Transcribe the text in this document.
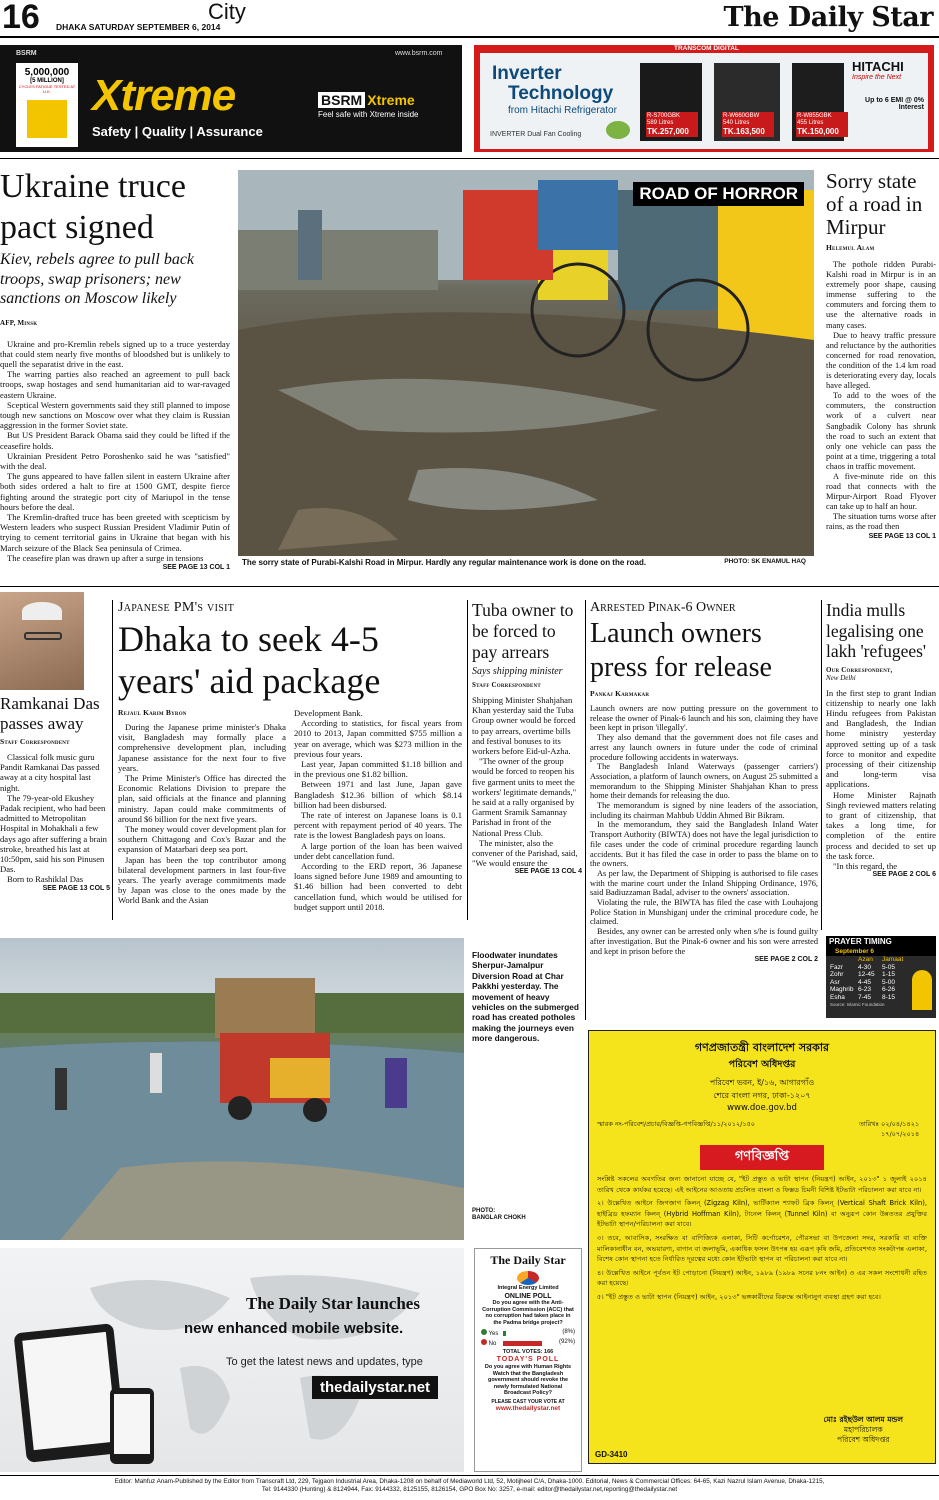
16 DHAKA SATURDAY SEPTEMBER 6, 2014
City	The Daily Star
BSRM	www.bsrm.com
5,000,000
[5 MILLION]
CYCLES FATIGUE TESTED AT U.K. Xtreme
Safety | Quality | Assurance
BSRM Xtreme
Feel safe with Xtreme inside
TRANSCOM DIGITAL
Inverter
Technology
from Hitachi Refrigerator
INVERTER Dual Fan Cooling
R-S700GBK
589 Litres
TK.257,000
R-W660GBW
540 Litres
TK.163,500
R-W855GBK
455 Litres
TK.150,000
HITACHI
Inspire the Next
Up to 6 EMI @ 0% Interest
Ukraine truce pact signed
Kiev, rebels agree to pull back troops, swap prisoners; new sanctions on Moscow likely
AFP, Minsk

Ukraine and pro-Kremlin rebels signed up to a truce yesterday that could stem nearly five months of bloodshed but is unlikely to quell the separatist drive in the east.

The warring parties also reached an agreement to pull back troops, swap hostages and send humanitarian aid to war-ravaged eastern Ukraine.

Sceptical Western governments said they still planned to impose tough new sanctions on Moscow over what they claim is Russian aggression in the former Soviet state.

But US President Barack Obama said they could be lifted if the ceasefire holds.

Ukrainian President Petro Poroshenko said he was "satisfied" with the deal.

The guns appeared to have fallen silent in eastern Ukraine after both sides ordered a halt to fire at 1500 GMT, despite fierce fighting around the strategic port city of Mariupol in the tense hours before the deal.

The Kremlin-drafted truce has been greeted with scepticism by Western leaders who suspect Russian President Vladimir Putin of trying to cement territorial gains in Ukraine that began with his March seizure of the Black Sea peninsula of Crimea.

The ceasefire plan was drawn up after a surge in tensions

SEE PAGE 13 COL 1
ROAD OF HORROR
The sorry state of Purabi-Kalshi Road in Mirpur. Hardly any regular maintenance work is done on the road.	PHOTO: SK ENAMUL HAQ
Sorry state of a road in Mirpur
Helemul Alam

The pothole ridden Purabi-Kalshi road in Mirpur is in an extremely poor shape, causing immense suffering to the commuters and forcing them to use the alternative roads in many cases.

Due to heavy traffic pressure and reluctance by the authorities concerned for road renovation, the condition of the 1.4 km road is deteriorating every day, locals have alleged.

To add to the woes of the commuters, the construction work of a culvert near Sangbadik Colony has shrunk the road to such an extent that only one vehicle can pass the point at a time, triggering a total chaos in traffic movement.

A five-minute ride on this road that connects with the Mirpur-Airport Road Flyover can take up to half an hour.

The situation turns worse after rains, as the road then

SEE PAGE 13 COL 1
Ramkanai Das passes away
Staff Correspondent

Classical folk music guru Pandit Ramkanai Das passed away at a city hospital last night.

The 79-year-old Ekushey Padak recipient, who had been admitted to Metropolitan Hospital in Mohakhali a few days ago after suffering a brain stroke, breathed his last at 10:50pm, said his son Pinusen Das.

Born to Rashiklal Das

SEE PAGE 13 COL 5
Japanese PM's visit
Dhaka to seek 4-5 years' aid package
Rejaul Karim Byron

During the Japanese prime minister's Dhaka visit, Bangladesh may formally place a comprehensive development plan, including Japanese assistance for the next four to five years.

The Prime Minister's Office has directed the Economic Relations Division to prepare the plan, said officials at the finance and planning ministry. Japan could make commitments of around $6 billion for the next five years.

The money would cover development plan for southern Chittagong and Cox's Bazar and the expansion of Matarbari deep sea port.

Japan has been the top contributor among bilateral development partners in last four-five years. The yearly average commitments made by Japan was close to the ones made by the World Bank and the Asian

Development Bank.

According to statistics, for fiscal years from 2010 to 2013, Japan committed $755 million a year on average, which was $273 million in the previous four years.

Last year, Japan committed $1.18 billion and in the previous one $1.82 billion.

Between 1971 and last June, Japan gave Bangladesh $12.36 billion of which $8.14 billion had been disbursed.

The rate of interest on Japanese loans is 0.1 percent with repayment period of 40 years. The rate is the lowest Bangladesh pays on loans.

A large portion of the loan has been waived under debt cancellation fund.

According to the ERD report, 36 Japanese loans signed before June 1989 and amounting to $1.46 billion had been converted to debt cancellation fund, which would be utilised for budget support until 2018.

Tuba owner to be forced to pay arrears
Says shipping minister
Staff Correspondent

Shipping Minister Shahjahan Khan yesterday said the Tuba Group owner would be forced to pay arrears, overtime bills and festival bonuses to its workers before Eid-ul-Azha.

"The owner of the group would be forced to reopen his five garment units to meet the workers' legitimate demands," he said at a rally organised by Garment Sramik Samannay Parishad in front of the National Press Club.

The minister, also the convener of the Parishad, said, "We would ensure the

SEE PAGE 13 COL 4
Arrested Pinak-6 Owner
Launch owners press for release
Pankaj Karmakar

Launch owners are now putting pressure on the government to release the owner of Pinak-6 launch and his son, claiming they have been kept in prison 'illegally'.

They also demand that the government does not file cases and arrest any launch owners in future under the code of criminal procedure following accidents in waterways.

The Bangladesh Inland Waterways (passenger carriers') Association, a platform of launch owners, on August 25 submitted a memorandum to the Shipping Minister Shahjahan Khan to press home their demands for releasing the duo.

The memorandum is signed by nine leaders of the association, including its chairman Mahbub Uddin Ahmed Bir Bikram.

In the memorandum, they said the Bangladesh Inland Water Transport Authority (BIWTA) does not have the legal jurisdiction to file cases under the code of criminal procedure regarding launch accidents. But it has filed the case in order to pass the blame on to the owners.

As per law, the Department of Shipping is authorised to file cases with the marine court under the Inland Shipping Ordinance, 1976, said Badiuzzaman Badal, adviser to the owners' association.

Violating the rule, the BIWTA has filed the case with Louhajong Police Station in Munshiganj under the criminal procedure code, he claimed.

Besides, any owner can be arrested only when s/he is found guilty after investigation. But the Pinak-6 owner and his son were arrested and kept in prison before the

SEE PAGE 2 COL 2
India mulls legalising one lakh 'refugees'
Our Correspondent,
New Delhi

In the first step to grant Indian citizenship to nearly one lakh Hindu refugees from Pakistan and Bangladesh, the Indian home ministry yesterday approved setting up of a task force to monitor and expedite processing of their citizenship and long-term visa applications.

Home Minister Rajnath Singh reviewed matters relating to grant of citizenship, that takes a long time, for completion of the entire process and decided to set up the task force.

"In this regard, the

SEE PAGE 2 COL 6
PRAYER TIMING September 6
	Azan	Jamaat
Fazr	4-30	5-05
Zohr	12-45	1-15
Asr	4-45	5-00
Maghrib	6-23	6-26
Esha	7-45	8-15
Source: Islamic Foundation
Floodwater inundates Sherpur-Jamalpur Diversion Road at Char Pakkhi yesterday. The movement of heavy vehicles on the submerged road has created potholes making the journeys even more dangerous.
PHOTO:
BANGLAR CHOKH
The Daily Star launches
new enhanced mobile website.
To get the latest news and updates, type
thedailystar.net
The Daily Star
Integral Energy Limited
ONLINE POLL
Do you agree with the Anti-Corruption Commission (ACC) that no corruption had taken place in the Padma bridge project?
Yes	(8%)
No	(92%)
TOTAL VOTES: 166
TODAY'S POLL
Do you agree with Human Rights Watch that the Bangladesh government should revoke the newly formulated National Broadcast Policy?
PLEASE CAST YOUR VOTE AT
www.thedailystar.net
গণপ্রজাতন্ত্রী বাংলাদেশ সরকার
পরিবেশ অধিদপ্তর
পরিবেশ ভবন, ই/১৬, আগারগাঁও
শেরে বাংলা নগর, ঢাকা-১২০৭
www.doe.gov.bd
স্মারক নং-পরিবেশ/প্রচার/বিজ্ঞপ্তি-গণবিজ্ঞপ্তি/১১/২০১২/১৫০	তারিখঃ ০২/০৪/১৪২১
১৭/০৭/২০১৪
গণবিজ্ঞপ্তি

সংশ্লিষ্ট সকলের অবগতির জন্য জানানো যাচ্ছে যে, "ইট প্রস্তুত ও ভাটা স্থাপন (নিয়ন্ত্রণ) আইন, ২০১৩" ১ জুলাই ২০১৪ তারিখ থেকে কার্যকর হয়েছে। এই আইনের আওতায় প্রচলিত বাংলা ও ফিক্সড চিমনী বিশিষ্ট ইটভাটা পরিচালনা করা যাবে না।

২। উল্লেখিত আইনে জিগজাগ কিলন্‌ (Zigzag Kiln), ভার্টিক্যাল শ্যাফট ব্রিক কিলন্‌ (Vertical Shaft Brick Kiln), হাইব্রিড হফম্যান কিলন্‌ (Hybrid Hoffman Kiln), টানেল কিলন্‌ (Tunnel Kiln) বা অনুরূপ কোন উন্নততর প্রযুক্তির ইটভাটা স্থাপন/পরিচালনা করা যাবে।

৩। তবে, আবাসিক, সংরক্ষিত বা বাণিজ্যিক এলাকা, সিটি কর্পোরেশন, পৌরসভা বা উপজেলা সদর, সরকারি বা ব্যক্তি মালিকানাধীন বন, অভয়ারণ্য, বাগান বা জলাভূমি, একাধিক ফসল উৎপন্ন হয় এরূপ কৃষি জমি, প্রতিবেশগত সংকটাপন্ন এলাকা, বিশেষ কোন স্থাপনা হতে নির্ধারিত দূরত্বের মধ্যে কোন ইটভাটা স্থাপন বা পরিচালনা করা যাবে না।

৪। উল্লেখিত আইনে পূর্বতন ইট পোড়ানো (নিয়ন্ত্রণ) আইন, ১৯৮৯ (১৯৮৯ সনের ৮নং আইন) ও এর সকল সংশোধনী রহিত করা হয়েছে।

৫। "ইট প্রস্তুত ও ভাটা স্থাপন (নিয়ন্ত্রণ) আইন, ২০১৩" ভঙ্গকারীদের বিরুদ্ধে আইনানুগ ব্যবস্থা গ্রহণ করা হবে।

মোঃ রইছউল আলম মন্ডল
মহাপরিচালক
পরিবেশ অধিদপ্তর
GD-3410
Editor: Mahfuz Anam-Published by the Editor from Transcraft Ltd, 229, Tejgaon Industrial Area, Dhaka-1208 on behalf of Mediaworld Ltd, 52, Motijheel C/A, Dhaka-1000. Editorial, News & Commercial Offices: 64-65, Kazi Nazrul Islam Avenue, Dhaka-1215,
Tel: 9144330 (Hunting) & 8124944, Fax: 9144332, 8125155, 8126154, GPO Box No: 3257, e-mail: editor@thedailystar.net,reporting@thedailystar.net
